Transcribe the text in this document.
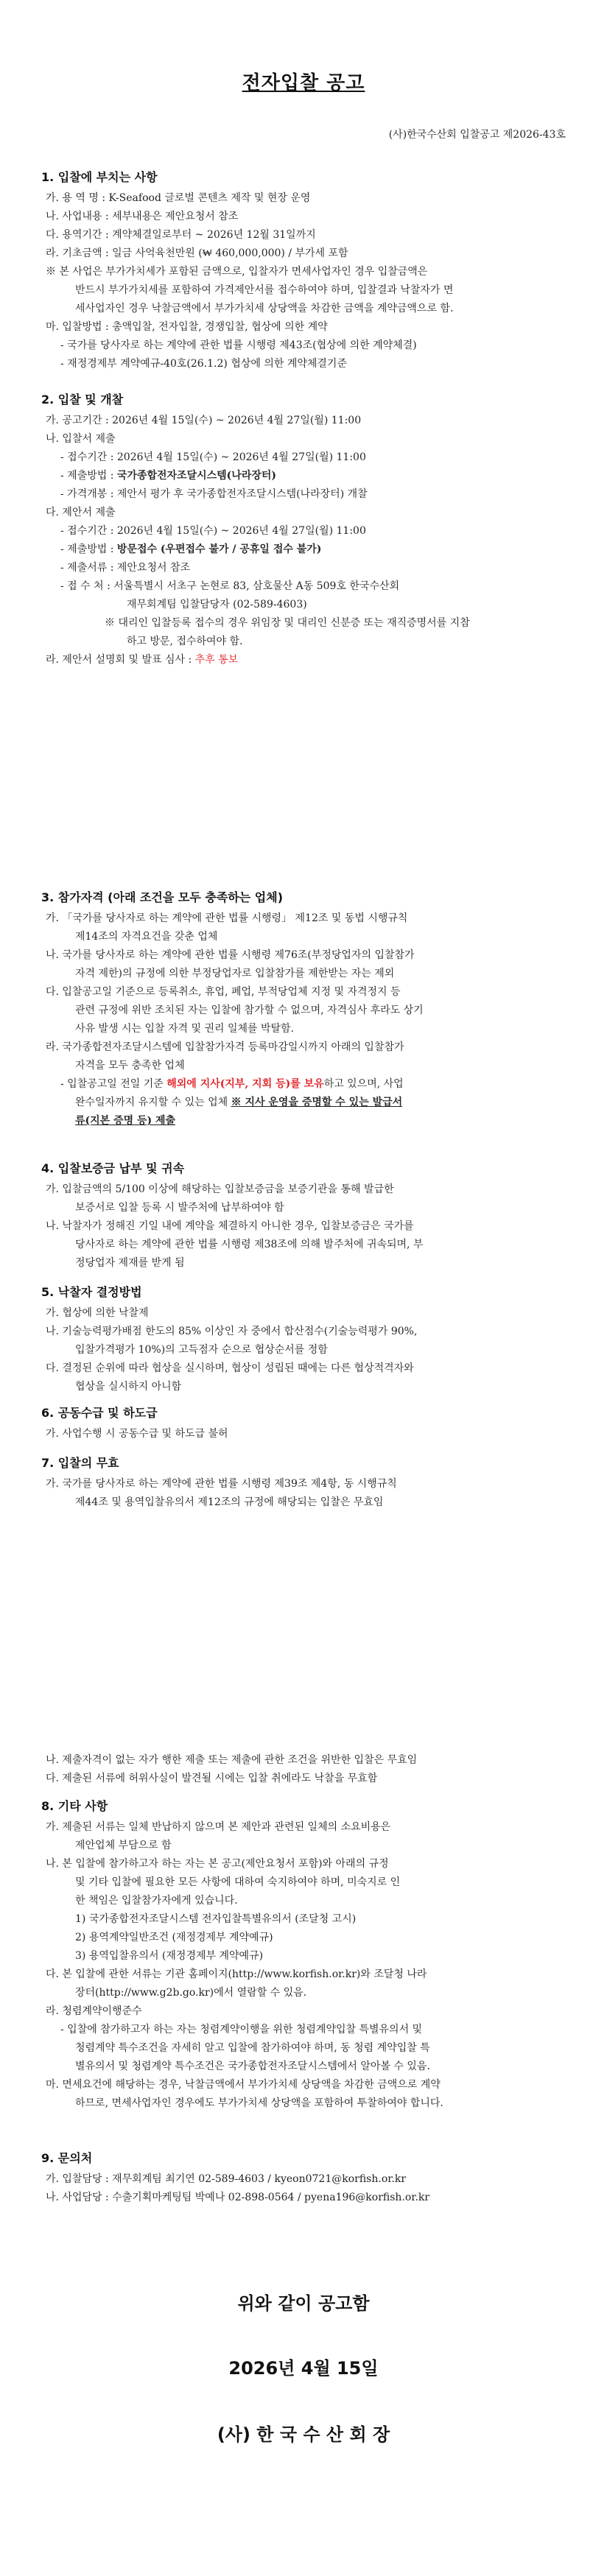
전자입찰 공고
(사)한국수산회 입찰공고 제2026-43호

1. 입찰에 부치는 사항

가. 용 역 명 : K-Seafood 글로벌 콘텐츠 제작 및 현장 운영

나. 사업내용 : 세부내용은 제안요청서 참조

다. 용역기간 : 계약체결일로부터 ~ 2026년 12월 31일까지

라. 기초금액 : 일금 사억육천만원 (₩ 460,000,000) / 부가세 포함

※ 본 사업은 부가가치세가 포함된 금액으로, 입찰자가 면세사업자인 경우 입찰금액은

반드시 부가가치세를 포함하여 가격제안서를 접수하여야 하며, 입찰결과 낙찰자가 면

세사업자인 경우 낙찰금액에서 부가가치세 상당액을 차감한 금액을 계약금액으로 함.

마. 입찰방법 : 총액입찰, 전자입찰, 경쟁입찰, 협상에 의한 계약

- 국가를 당사자로 하는 계약에 관한 법률 시행령 제43조(협상에 의한 계약체결)

- 재정경제부 계약예규-40호(26.1.2) 협상에 의한 계약체결기준

2. 입찰 및 개찰

가. 공고기간 : 2026년 4월 15일(수) ~ 2026년 4월 27일(월) 11:00

나. 입찰서 제출

- 접수기간 : 2026년 4월 15일(수) ~ 2026년 4월 27일(월) 11:00

- 제출방법 : 국가종합전자조달시스템(나라장터)

- 가격개봉 : 제안서 평가 후 국가종합전자조달시스템(나라장터) 개찰

다. 제안서 제출

- 접수기간 : 2026년 4월 15일(수) ~ 2026년 4월 27일(월) 11:00

- 제출방법 : 방문접수 (우편접수 불가 / 공휴일 접수 불가)

- 제출서류 : 제안요청서 참조

- 접 수 처 : 서울특별시 서초구 논현로 83, 삼호물산 A동 509호 한국수산회

재무회계팀 입찰담당자 (02-589-4603)

※ 대리인 입찰등록 접수의 경우 위임장 및 대리인 신분증 또는 재직증명서를 지참

하고 방문, 접수하여야 함.

라. 제안서 설명회 및 발표 심사 : 추후 통보

3. 참가자격 (아래 조건을 모두 충족하는 업체)

가. 「국가를 당사자로 하는 계약에 관한 법률 시행령」 제12조 및 동법 시행규칙

제14조의 자격요건을 갖춘 업체

나. 국가를 당사자로 하는 계약에 관한 법률 시행령 제76조(부정당업자의 입찰참가

자격 제한)의 규정에 의한 부정당업자로 입찰참가를 제한받는 자는 제외

다. 입찰공고일 기준으로 등록취소, 휴업, 폐업, 부적당업체 지정 및 자격정지 등

관련 규정에 위반 조치된 자는 입찰에 참가할 수 없으며, 자격심사 후라도 상기

사유 발생 시는 입찰 자격 및 권리 일체를 박탈함.

라. 국가종합전자조달시스템에 입찰참가자격 등록마감일시까지 아래의 입찰참가

자격을 모두 충족한 업체

- 입찰공고일 전일 기준 해외에 지사(지부, 지회 등)를 보유하고 있으며, 사업

완수일자까지 유지할 수 있는 업체 ※ 지사 운영을 증명할 수 있는 발급서

류(지본 증명 등) 제출

4. 입찰보증금 납부 및 귀속

가. 입찰금액의 5/100 이상에 해당하는 입찰보증금을 보증기관을 통해 발급한

보증서로 입찰 등록 시 발주처에 납부하여야 함

나. 낙찰자가 정해진 기일 내에 계약을 체결하지 아니한 경우, 입찰보증금은 국가를

당사자로 하는 계약에 관한 법률 시행령 제38조에 의해 발주처에 귀속되며, 부

정당업자 제재를 받게 됨

5. 낙찰자 결정방법

가. 협상에 의한 낙찰제

나. 기술능력평가배점 한도의 85% 이상인 자 중에서 합산점수(기술능력평가 90%,

입찰가격평가 10%)의 고득점자 순으로 협상순서를 정함

다. 결정된 순위에 따라 협상을 실시하며, 협상이 성립된 때에는 다른 협상적격자와

협상을 실시하지 아니함

6. 공동수급 및 하도급

가. 사업수행 시 공동수급 및 하도급 불허

7. 입찰의 무효

가. 국가를 당사자로 하는 계약에 관한 법률 시행령 제39조 제4항, 동 시행규칙

제44조 및 용역입찰유의서 제12조의 규정에 해당되는 입찰은 무효임

나. 제출자격이 없는 자가 행한 제출 또는 제출에 관한 조건을 위반한 입찰은 무효임

다. 제출된 서류에 허위사실이 발견될 시에는 입찰 취에라도 낙찰을 무효함

8. 기타 사항

가. 제출된 서류는 일체 반납하지 않으며 본 제안과 관련된 일체의 소요비용은

제안업체 부담으로 함

나. 본 입찰에 참가하고자 하는 자는 본 공고(제안요청서 포함)와 아래의 규정

및 기타 입찰에 필요한 모든 사항에 대하여 숙지하여야 하며, 미숙지로 인

한 책임은 입찰참가자에게 있습니다.

1) 국가종합전자조달시스템 전자입찰특별유의서 (조달청 고시)

2) 용역계약일반조건 (재정경제부 계약예규)

3) 용역입찰유의서 (재정경제부 계약예규)

다. 본 입찰에 관한 서류는 기관 홈페이지(http://www.korfish.or.kr)와 조달청 나라

장터(http://www.g2b.go.kr)에서 열람할 수 있음.

라. 청렴계약이행준수

- 입찰에 참가하고자 하는 자는 청렴계약이행을 위한 청렴계약입찰 특별유의서 및

청렴계약 특수조건을 자세히 알고 입찰에 참가하여야 하며, 동 청렴 계약입찰 특

별유의서 및 청렴계약 특수조건은 국가종합전자조달시스템에서 알아볼 수 있음.

마. 면세요건에 해당하는 경우, 낙찰금액에서 부가가치세 상당액을 차감한 금액으로 계약

하므로, 면세사업자인 경우에도 부가가치세 상당액을 포함하여 투찰하여야 합니다.

9. 문의처

가. 입찰담당 : 재무회계팀 최기연 02-589-4603 / kyeon0721@korfish.or.kr

나. 사업담당 : 수출기획마케팅팀 박예나 02-898-0564 / pyena196@korfish.or.kr

위와 같이 공고함
2026년 4월 15일
(사) 한 국 수 산 회 장
